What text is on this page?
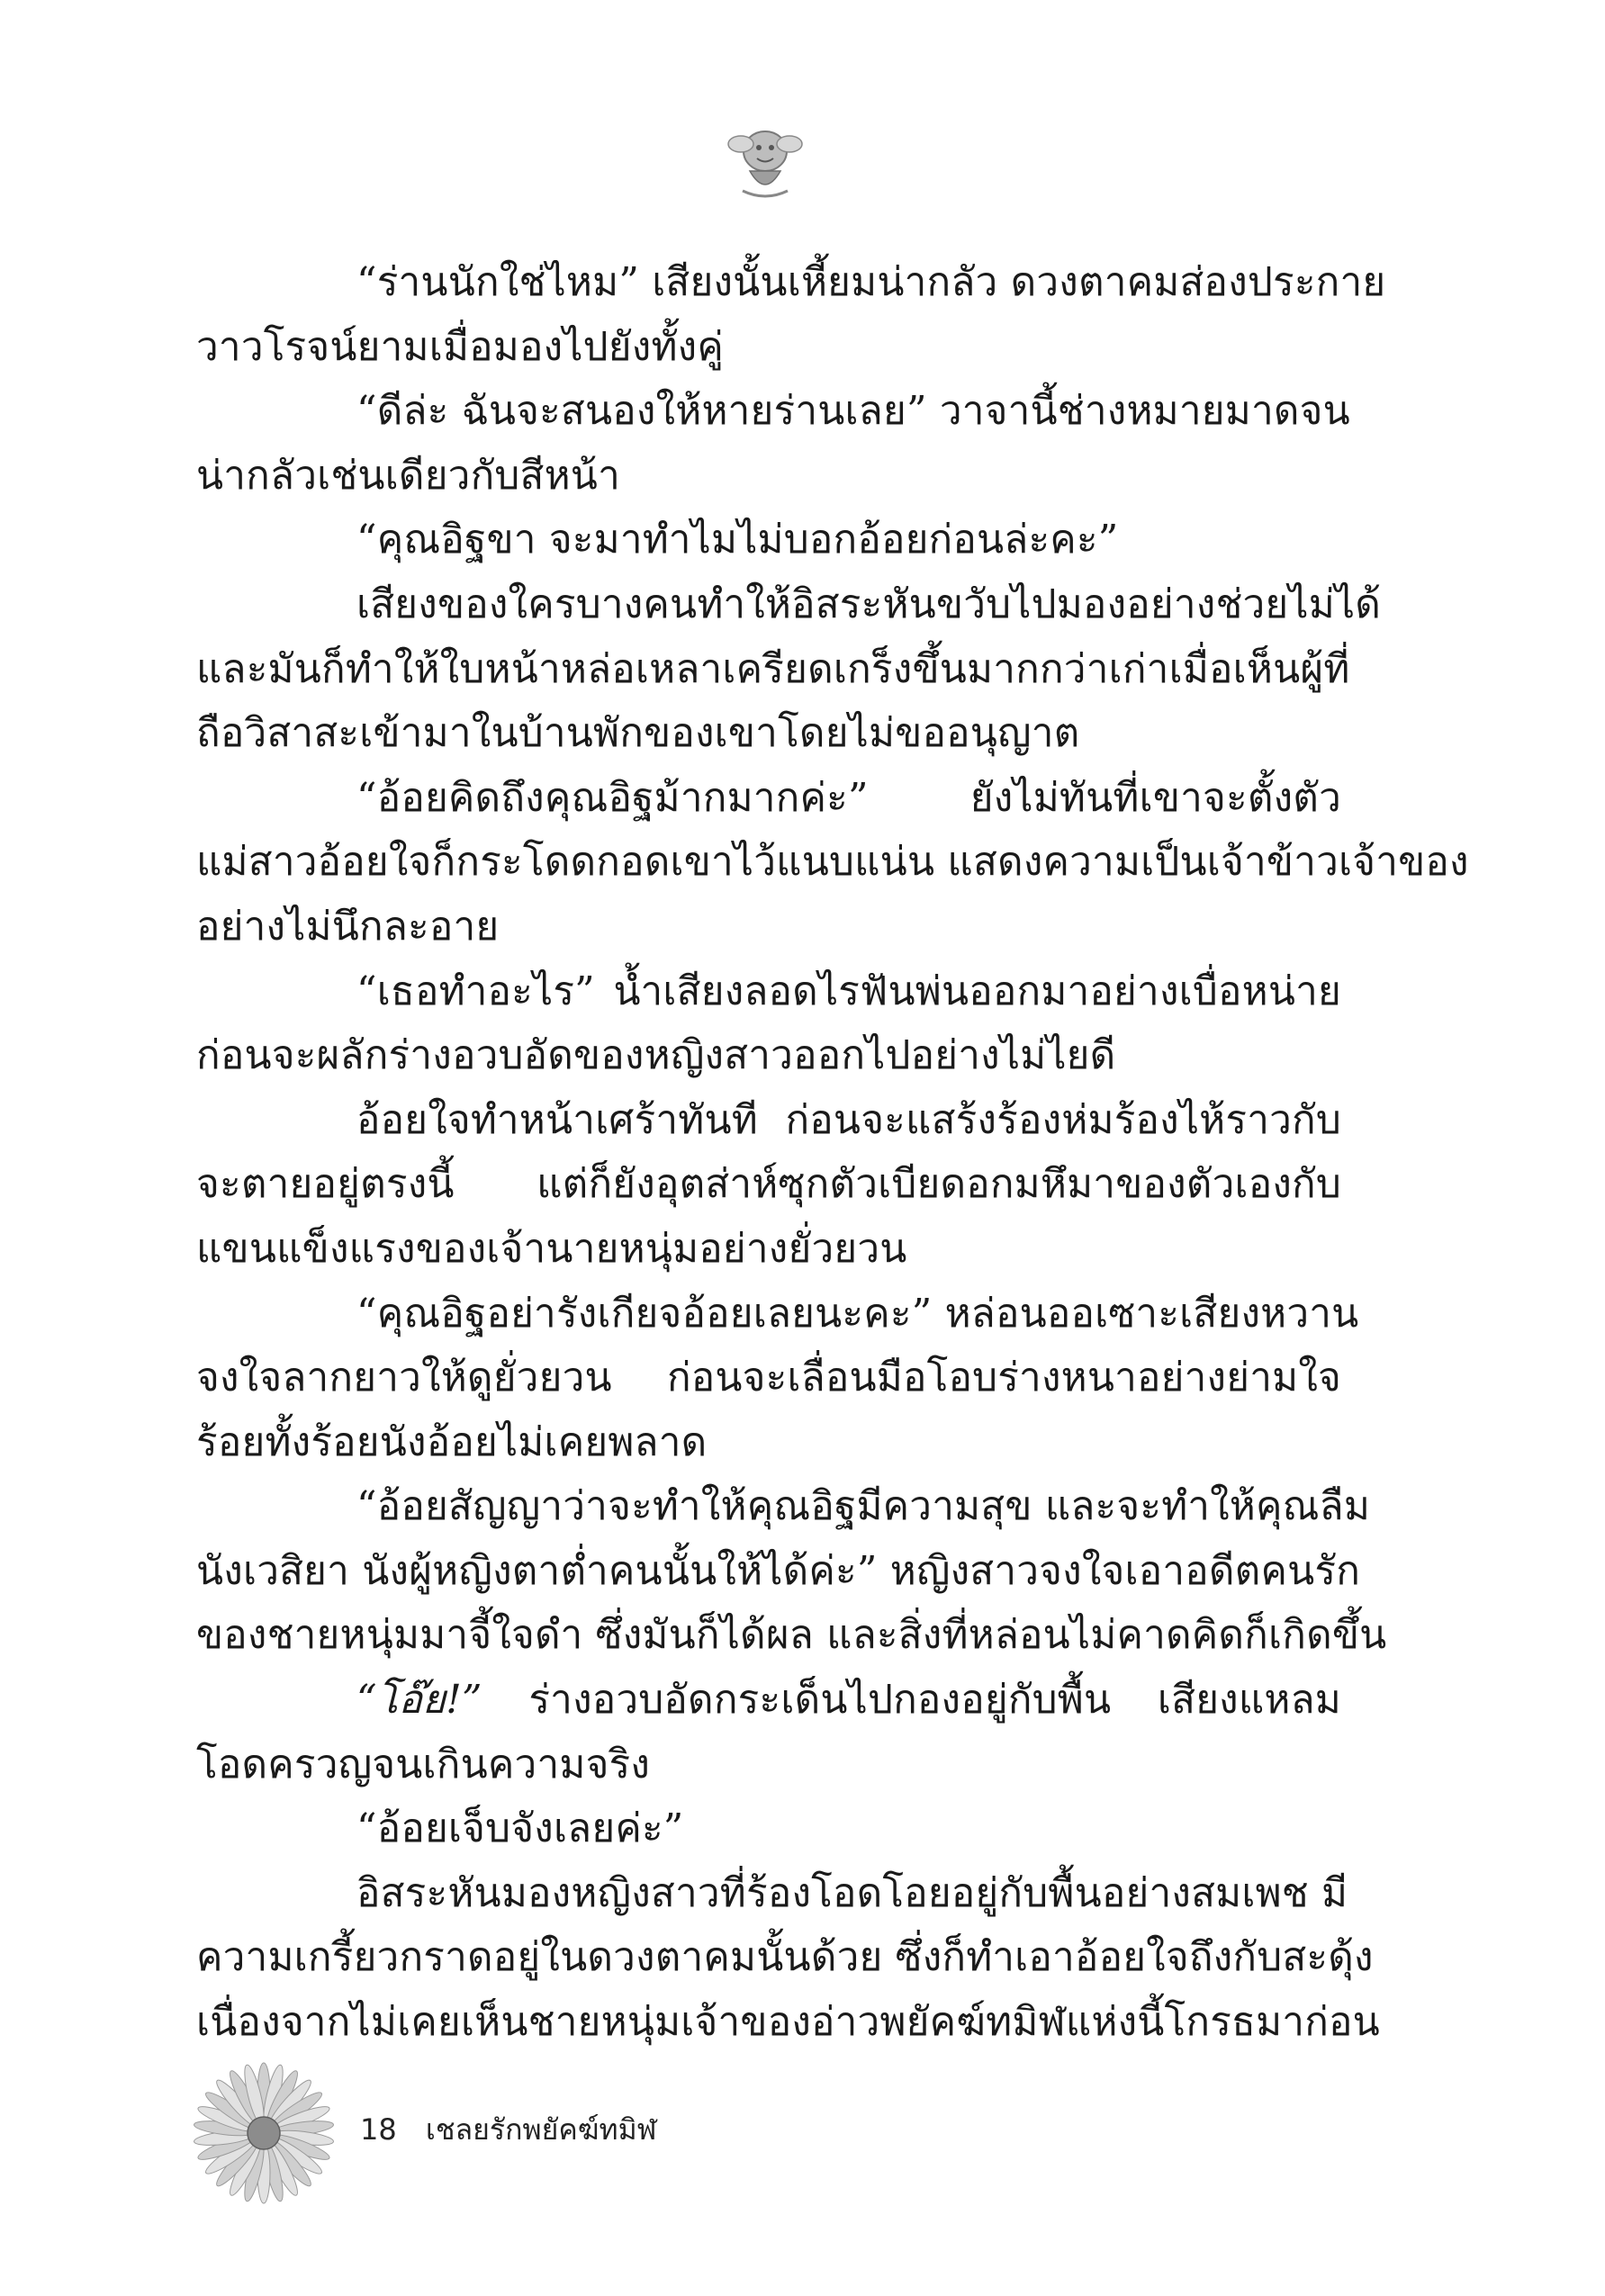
“ร่านนักใช่ไหม” เสียงนั้นเหี้ยมน่ากลัว ดวงตาคมส่องประกาย
วาวโรจน์ยามเมื่อมองไปยังทั้งคู่
“ดีล่ะ ฉันจะสนองให้หายร่านเลย” วาจานี้ช่างหมายมาดจน
น่ากลัวเช่นเดียวกับสีหน้า
“คุณอิฐขา จะมาทำไมไม่บอกอ้อยก่อนล่ะคะ”
เสียงของใครบางคนทำให้อิสระหันขวับไปมองอย่างช่วยไม่ได้
และมันก็ทำให้ใบหน้าหล่อเหลาเครียดเกร็งขึ้นมากกว่าเก่าเมื่อเห็นผู้ที่
ถือวิสาสะเข้ามาในบ้านพักของเขาโดยไม่ขออนุญาต
“อ้อยคิดถึงคุณอิฐม้ากมากค่ะ” ยังไม่ทันที่เขาจะตั้งตัว
แม่สาวอ้อยใจก็กระโดดกอดเขาไว้แนบแน่น แสดงความเป็นเจ้าข้าวเจ้าของ
อย่างไม่นึกละอาย
“เธอทำอะไร” น้ำเสียงลอดไรฟันพ่นออกมาอย่างเบื่อหน่าย
ก่อนจะผลักร่างอวบอัดของหญิงสาวออกไปอย่างไม่ไยดี
อ้อยใจทำหน้าเศร้าทันที ก่อนจะแสร้งร้องห่มร้องไห้ราวกับ
จะตายอยู่ตรงนี้ แต่ก็ยังอุตส่าห์ซุกตัวเบียดอกมหึมาของตัวเองกับ
แขนแข็งแรงของเจ้านายหนุ่มอย่างยั่วยวน
“คุณอิฐอย่ารังเกียจอ้อยเลยนะคะ” หล่อนออเซาะเสียงหวาน
จงใจลากยาวให้ดูยั่วยวน ก่อนจะเลื่อนมือโอบร่างหนาอย่างย่ามใจ
ร้อยทั้งร้อยนังอ้อยไม่เคยพลาด
“อ้อยสัญญาว่าจะทำให้คุณอิฐมีความสุข และจะทำให้คุณลืม
นังเวสิยา นังผู้หญิงตาต่ำคนนั้นให้ได้ค่ะ” หญิงสาวจงใจเอาอดีตคนรัก
ของชายหนุ่มมาจี้ใจดำ ซึ่งมันก็ได้ผล และสิ่งที่หล่อนไม่คาดคิดก็เกิดขึ้น
“โอ๊ย!” ร่างอวบอัดกระเด็นไปกองอยู่กับพื้น เสียงแหลม
โอดครวญจนเกินความจริง
“อ้อยเจ็บจังเลยค่ะ”
อิสระหันมองหญิงสาวที่ร้องโอดโอยอยู่กับพื้นอย่างสมเพช มี
ความเกรี้ยวกราดอยู่ในดวงตาคมนั้นด้วย ซึ่งก็ทำเอาอ้อยใจถึงกับสะดุ้ง
เนื่องจากไม่เคยเห็นชายหนุ่มเจ้าของอ่าวพยัคฆ์ทมิฬแห่งนี้โกรธมาก่อน
18 เชลยรักพยัคฆ์ทมิฬ
